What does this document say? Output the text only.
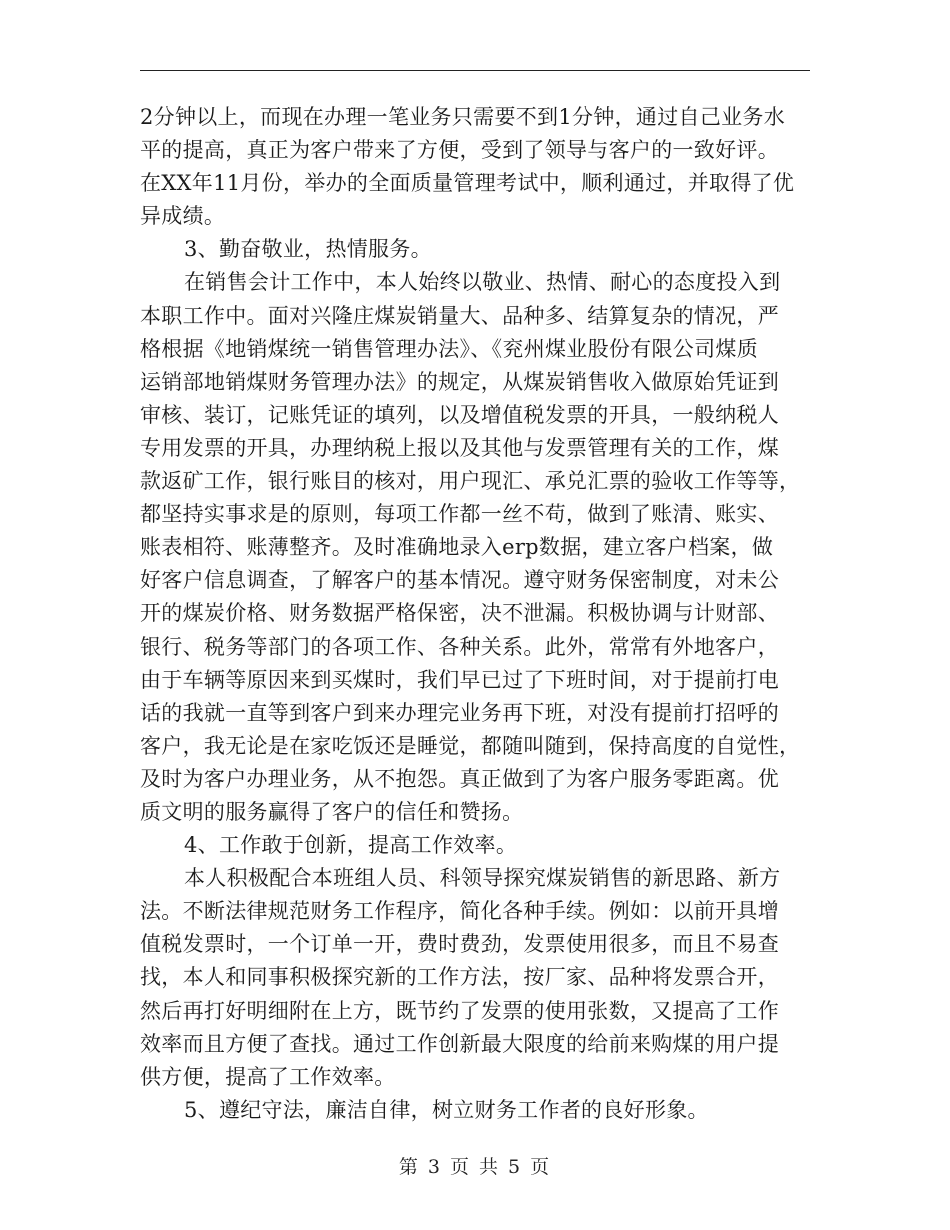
2分钟以上，而现在办理一笔业务只需要不到1分钟，通过自己业务水
平的提高，真正为客户带来了方便，受到了领导与客户的一致好评。
在XX年11月份，举办的全面质量管理考试中，顺利通过，并取得了优
异成绩。
3、勤奋敬业，热情服务。
在销售会计工作中，本人始终以敬业、热情、耐心的态度投入到
本职工作中。面对兴隆庄煤炭销量大、品种多、结算复杂的情况，严
格根据《地销煤统一销售管理办法》、《兖州煤业股份有限公司煤质
运销部地销煤财务管理办法》的规定，从煤炭销售收入做原始凭证到
审核、装订，记账凭证的填列，以及增值税发票的开具，一般纳税人
专用发票的开具，办理纳税上报以及其他与发票管理有关的工作，煤
款返矿工作，银行账目的核对，用户现汇、承兑汇票的验收工作等等，
都坚持实事求是的原则，每项工作都一丝不苟，做到了账清、账实、
账表相符、账薄整齐。及时准确地录入erp数据，建立客户档案，做
好客户信息调查，了解客户的基本情况。遵守财务保密制度，对未公
开的煤炭价格、财务数据严格保密，决不泄漏。积极协调与计财部、
银行、税务等部门的各项工作、各种关系。此外，常常有外地客户，
由于车辆等原因来到买煤时，我们早已过了下班时间，对于提前打电
话的我就一直等到客户到来办理完业务再下班，对没有提前打招呼的
客户，我无论是在家吃饭还是睡觉，都随叫随到，保持高度的自觉性，
及时为客户办理业务，从不抱怨。真正做到了为客户服务零距离。优
质文明的服务赢得了客户的信任和赞扬。
4、工作敢于创新，提高工作效率。
本人积极配合本班组人员、科领导探究煤炭销售的新思路、新方
法。不断法律规范财务工作程序，简化各种手续。例如：以前开具增
值税发票时，一个订单一开，费时费劲，发票使用很多，而且不易查
找，本人和同事积极探究新的工作方法，按厂家、品种将发票合开，
然后再打好明细附在上方，既节约了发票的使用张数，又提高了工作
效率而且方便了查找。通过工作创新最大限度的给前来购煤的用户提
供方便，提高了工作效率。
5、遵纪守法，廉洁自律，树立财务工作者的良好形象。
第 3 页 共 5 页
